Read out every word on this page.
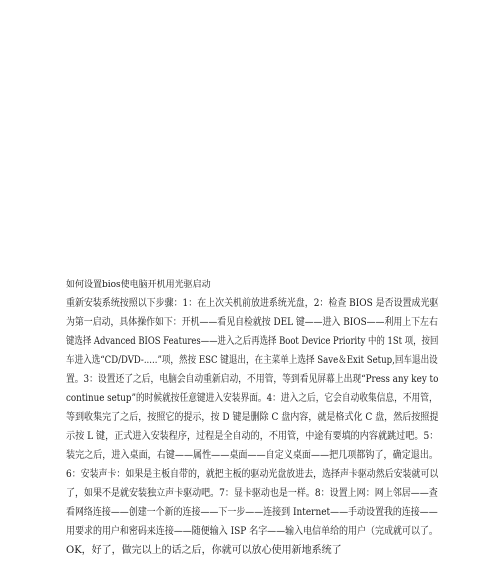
如何设置bios使电脑开机用光驱启动
重新安装系统按照以下步骤：1：在上次关机前放进系统光盘，2：检查 BIOS 是否设置成光驱
为第一启动，具体操作如下：开机——看见自检就按 DEL 键——进入 BIOS——利用上下左右
键选择 Advanced BIOS Features——进入之后再选择 Boot Device Priority 中的 1St 项，按回
车进入选“CD/DVD-.....”项，然按 ESC 键退出，在主菜单上选择 Save＆Exit Setup,回车退出设
置。3：设置还了之后，电脑会自动重新启动，不用管，等到看见屏幕上出现“Press any key to
continue setup”的时候就按任意键进入安装界面。4：进入之后，它会自动收集信息，不用管，
等到收集完了之后，按照它的提示，按 D 键是删除 C 盘内容，就是格式化 C 盘，然后按照提
示按 L 键，正式进入安装程序，过程是全自动的，不用管，中途有要填的内容就跳过吧。5：
装完之后，进入桌面，右键——属性——桌面——自定义桌面——把几项都钩了，确定退出。
6：安装声卡：如果是主板自带的，就把主板的驱动光盘放进去，选择声卡驱动然后安装就可以
了，如果不是就安装独立声卡驱动吧。7：显卡驱动也是一样。8：设置上网：网上邻居——查
看网络连接——创建一个新的连接——下一步——连接到 Internet——手动设置我的连接——
用要求的用户和密码来连接——随便输入 ISP 名字——输入电信单给的用户（完成就可以了。
OK，好了，做完以上的话之后，你就可以放心使用新地系统了
